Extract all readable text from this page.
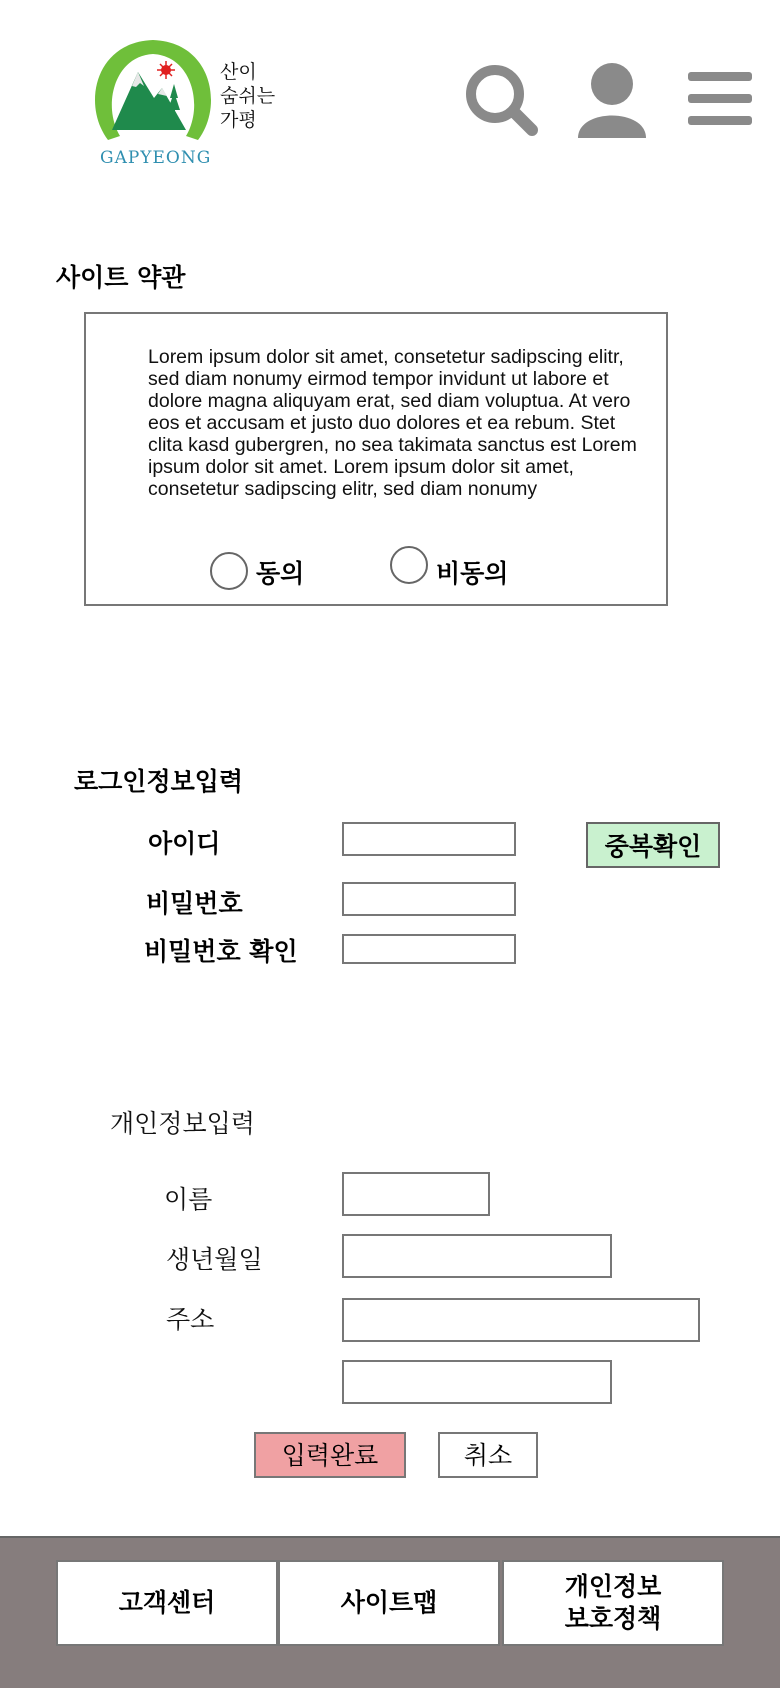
산이
숨쉬는
가평
GAPYEONG
사이트 약관
Lorem ipsum dolor sit amet, consetetur sadipscing elitr, sed diam nonumy eirmod tempor invidunt ut labore et dolore magna aliquyam erat, sed diam voluptua. At vero eos et accusam et justo duo dolores et ea rebum. Stet clita kasd gubergren, no sea takimata sanctus est Lorem ipsum dolor sit amet. Lorem ipsum dolor sit amet, consetetur sadipscing elitr, sed diam nonumy
동의	비동의
로그인정보입력
아이디	중복확인
비밀번호
비밀번호 확인
개인정보입력
이름
생년월일
주소
입력완료	취소
고객센터	사이트맵
개인정보
보호정책
